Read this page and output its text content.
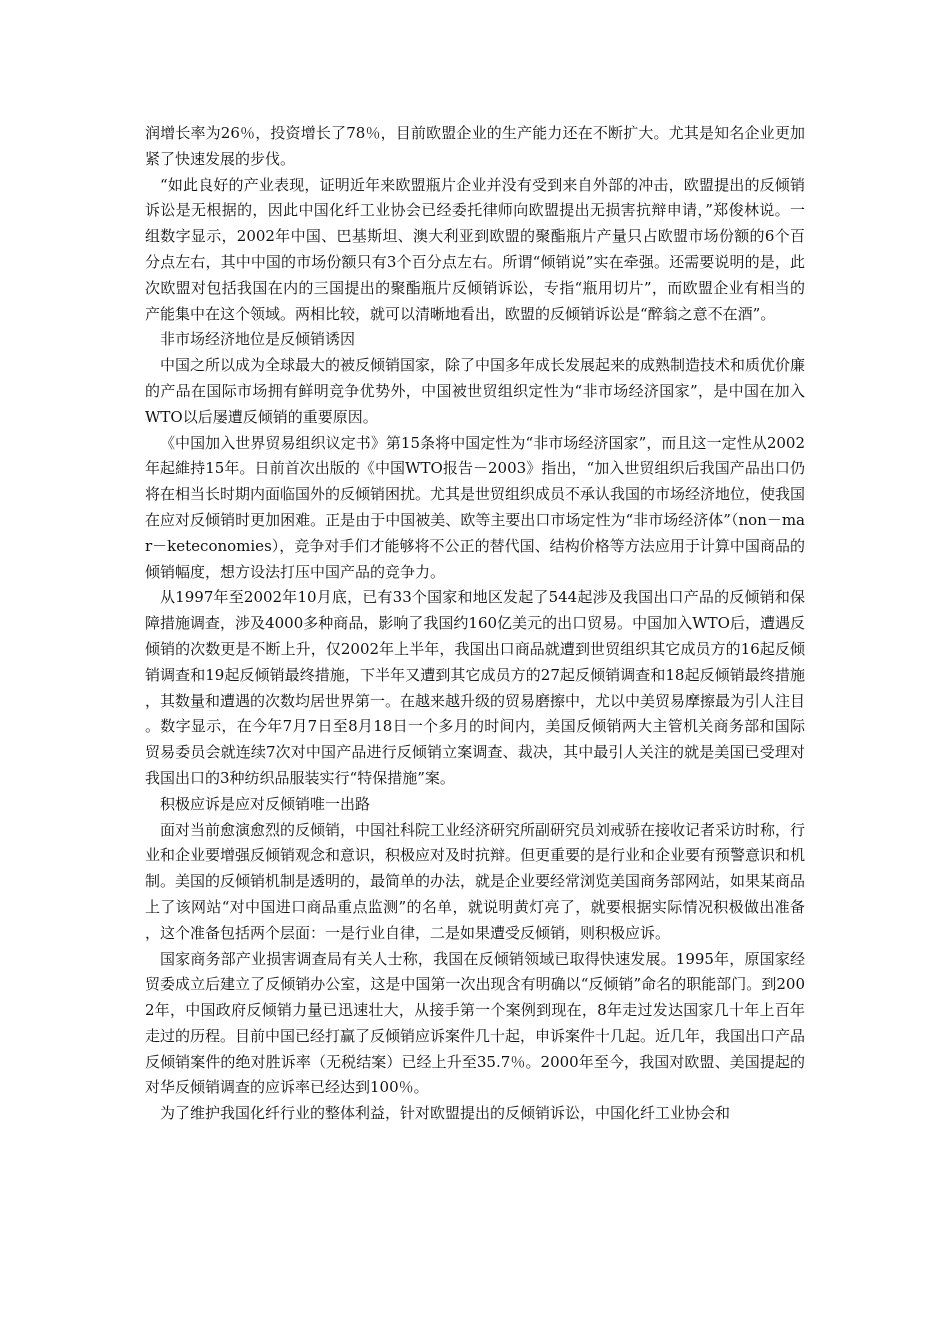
润增长率为26％，投资增长了78％，目前欧盟企业的生产能力还在不断扩大。尤其是知名企业更加紧了快速发展的步伐。

“如此良好的产业表现，证明近年来欧盟瓶片企业并没有受到来自外部的冲击，欧盟提出的反倾销诉讼是无根据的，因此中国化纤工业协会已经委托律师向欧盟提出无损害抗辩申请，”郑俊林说。一组数字显示，2002年中国、巴基斯坦、澳大利亚到欧盟的聚酯瓶片产量只占欧盟市场份额的6个百分点左右，其中中国的市场份额只有3个百分点左右。所谓“倾销说”实在牵强。还需要说明的是，此次欧盟对包括我国在内的三国提出的聚酯瓶片反倾销诉讼，专指“瓶用切片”，而欧盟企业有相当的产能集中在这个领域。两相比较，就可以清晰地看出，欧盟的反倾销诉讼是“醉翁之意不在酒”。

非市场经济地位是反倾销诱因

中国之所以成为全球最大的被反倾销国家，除了中国多年成长发展起来的成熟制造技术和质优价廉的产品在国际市场拥有鲜明竞争优势外，中国被世贸组织定性为“非市场经济国家”，是中国在加入WTO以后屡遭反倾销的重要原因。

《中国加入世界贸易组织议定书》第15条将中国定性为“非市场经济国家”，而且这一定性从2002年起維持15年。日前首次出版的《中国WTO报告－2003》指出，“加入世贸组织后我国产品出口仍将在相当长时期内面临国外的反倾销困扰。尤其是世贸组织成员不承认我国的市场经济地位，使我国在应对反倾销时更加困难。正是由于中国被美、欧等主要出口市场定性为“非市场经济体”（non－mar－keteconomies），竞争对手们才能够将不公正的替代国、结构价格等方法应用于计算中国商品的倾销幅度，想方设法打压中国产品的竞争力。

从1997年至2002年10月底，已有33个国家和地区发起了544起涉及我国出口产品的反倾销和保障措施调查，涉及4000多种商品，影响了我国约160亿美元的出口贸易。中国加入WTO后，遭遇反倾销的次数更是不断上升，仅2002年上半年，我国出口商品就遭到世贸组织其它成员方的16起反倾销调查和19起反倾销最终措施，下半年又遭到其它成员方的27起反倾销调查和18起反倾销最终措施，其数量和遭遇的次数均居世界第一。在越来越升级的贸易磨擦中，尤以中美贸易摩擦最为引人注目。数字显示，在今年7月7日至8月18日一个多月的时间内，美国反倾销两大主管机关商务部和国际贸易委员会就连续7次对中国产品进行反倾销立案调查、裁决，其中最引人关注的就是美国已受理对我国出口的3种纺织品服装实行“特保措施”案。

积极应诉是应对反倾销唯一出路

面对当前愈演愈烈的反倾销，中国社科院工业经济研究所副研究员刘戒骄在接收记者采访时称，行业和企业要增强反倾销观念和意识，积极应对及时抗辩。但更重要的是行业和企业要有预警意识和机制。美国的反倾销机制是透明的，最简单的办法，就是企业要经常浏览美国商务部网站，如果某商品上了该网站“对中国进口商品重点监测”的名单，就说明黄灯亮了，就要根据实际情况积极做出准备，这个准备包括两个层面：一是行业自律，二是如果遭受反倾销，则积极应诉。

国家商务部产业损害调查局有关人士称，我国在反倾销领域已取得快速发展。1995年，原国家经贸委成立后建立了反倾销办公室，这是中国第一次出现含有明确以“反倾销”命名的职能部门。到2002年，中国政府反倾销力量已迅速壮大，从接手第一个案例到现在，8年走过发达国家几十年上百年走过的历程。目前中国已经打赢了反倾销应诉案件几十起，申诉案件十几起。近几年，我国出口产品反倾销案件的绝对胜诉率（无税结案）已经上升至35.7％。2000年至今，我国对欧盟、美国提起的对华反倾销调查的应诉率已经达到100％。

为了维护我国化纤行业的整体利益，针对欧盟提出的反倾销诉讼，中国化纤工业协会和
